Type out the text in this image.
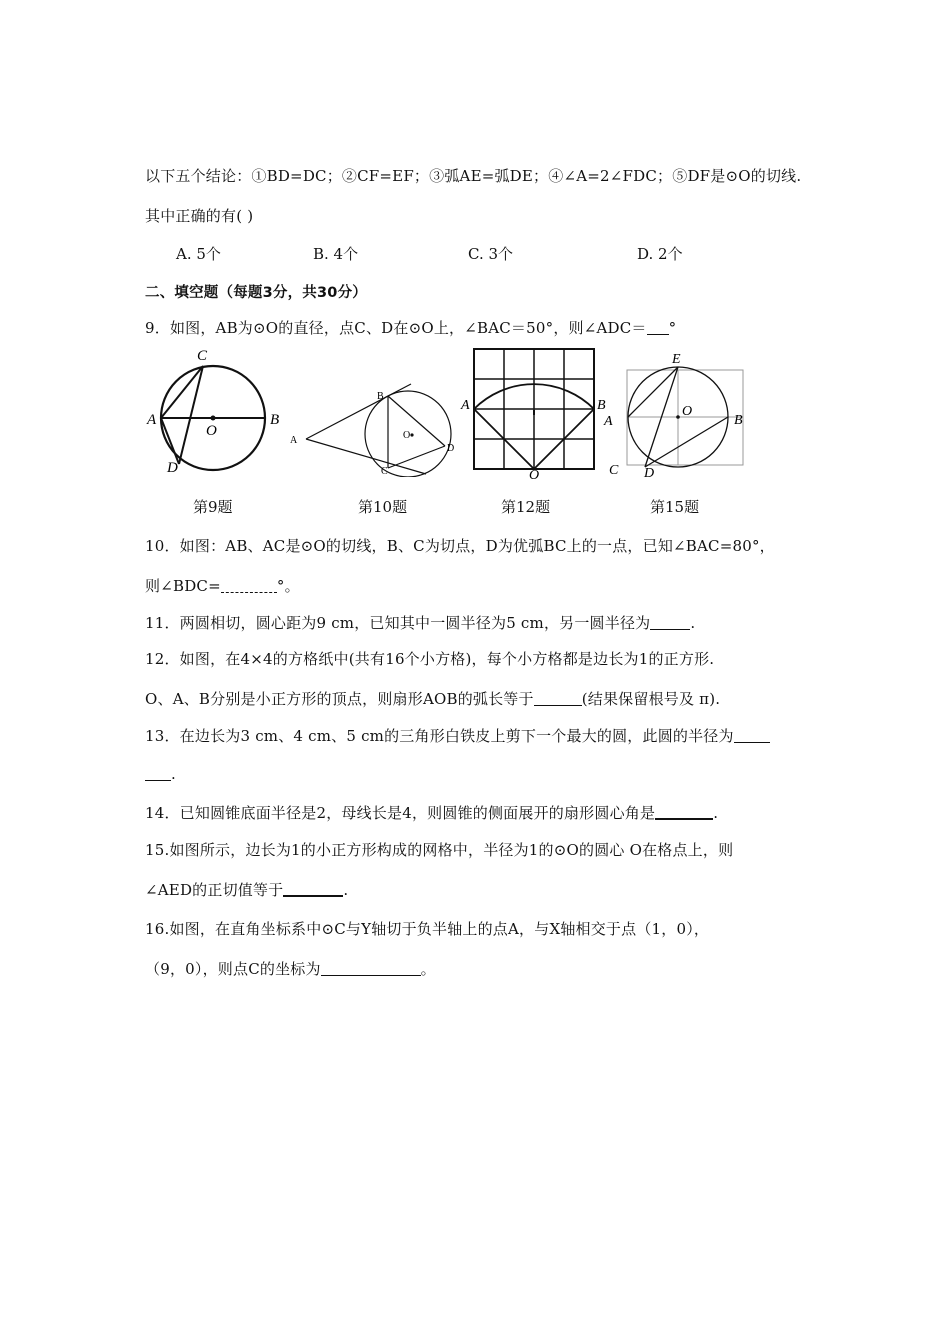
以下五个结论：①BD=DC；②CF=EF；③弧AE=弧DE；④∠A=2∠FDC；⑤DF是⊙O的切线.
其中正确的有( )
A. 5个	B. 4个	C. 3个	D. 2个
二、填空题（每题3分，共30分）
9．如图，AB为⊙O的直径，点C、D在⊙O上，∠BAC＝50°，则∠ADC＝ °
A	B
C
D
O
A
B
C
D
O
A	B
O
E
O
A	B
C D
第9题	第10题	第12题	第15题
10．如图：AB、AC是⊙O的切线，B、C为切点，D为优弧BC上的一点，已知∠BAC=80°，
则∠BDC=	°。
11．两圆相切，圆心距为9 cm，已知其中一圆半径为5 cm，另一圆半径为	.
12．如图，在4×4的方格纸中(共有16个小方格)，每个小方格都是边长为1的正方形.
O、A、B分别是小正方形的顶点，则扇形AOB的弧长等于	(结果保留根号及 π).
13．在边长为3 cm、4 cm、5 cm的三角形白铁皮上剪下一个最大的圆，此圆的半径为
.
14．已知圆锥底面半径是2，母线长是4，则圆锥的侧面展开的扇形圆心角是	.
15.如图所示，边长为1的小正方形构成的网格中，半径为1的⊙O的圆心 O在格点上，则
∠AED的正切值等于	.
16.如图，在直角坐标系中⊙C与Y轴切于负半轴上的点A，与X轴相交于点（1，0），
（9，0），则点C的坐标为	。
